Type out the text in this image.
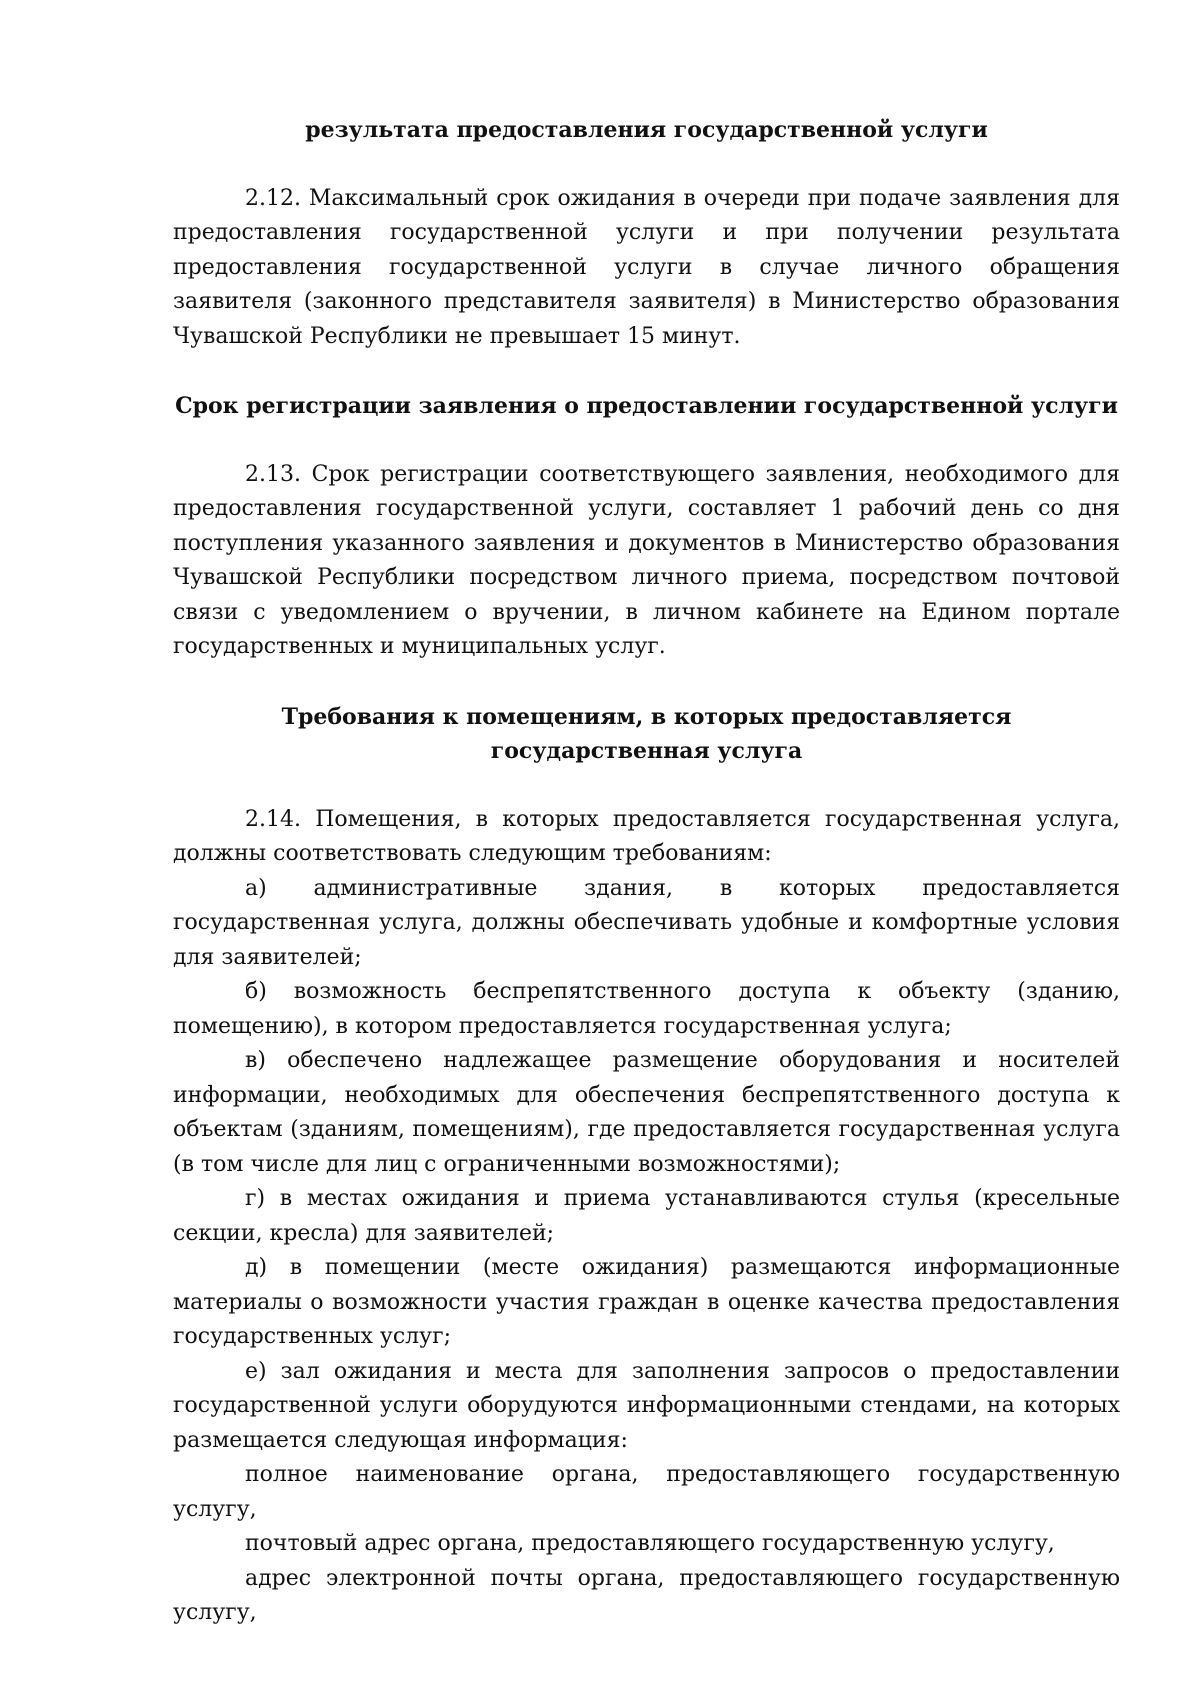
результата предоставления государственной услуги

2.12. Максимальный срок ожидания в очереди при подаче заявления для предоставления государственной услуги и при получении результата предоставления государственной услуги в случае личного обращения заявителя (законного представителя заявителя) в Министерство образования Чувашской Республики не превышает 15 минут.

Срок регистрации заявления о предоставлении государственной услуги

2.13. Срок регистрации соответствующего заявления, необходимого для предоставления государственной услуги, составляет 1 рабочий день со дня поступления указанного заявления и документов в Министерство образования Чувашской Республики посредством личного приема, посредством почтовой связи с уведомлением о вручении, в личном кабинете на Едином портале государственных и муниципальных услуг.

Требования к помещениям, в которых предоставляется

государственная услуга

2.14. Помещения, в которых предоставляется государственная услуга, должны соответствовать следующим требованиям:

а) административные здания, в которых предоставляется государственная услуга, должны обеспечивать удобные и комфортные условия для заявителей;

б) возможность беспрепятственного доступа к объекту (зданию, помещению), в котором предоставляется государственная услуга;

в) обеспечено надлежащее размещение оборудования и носителей информации, необходимых для обеспечения беспрепятственного доступа к объектам (зданиям, помещениям), где предоставляется государственная услуга (в том числе для лиц с ограниченными возможностями);

г) в местах ожидания и приема устанавливаются стулья (кресельные секции, кресла) для заявителей;

д) в помещении (месте ожидания) размещаются информационные материалы о возможности участия граждан в оценке качества предоставления государственных услуг;

е) зал ожидания и места для заполнения запросов о предоставлении государственной услуги оборудуются информационными стендами, на которых размещается следующая информация:

полное наименование органа, предоставляющего государственную услугу,

почтовый адрес органа, предоставляющего государственную услугу,

адрес электронной почты органа, предоставляющего государственную услугу,
